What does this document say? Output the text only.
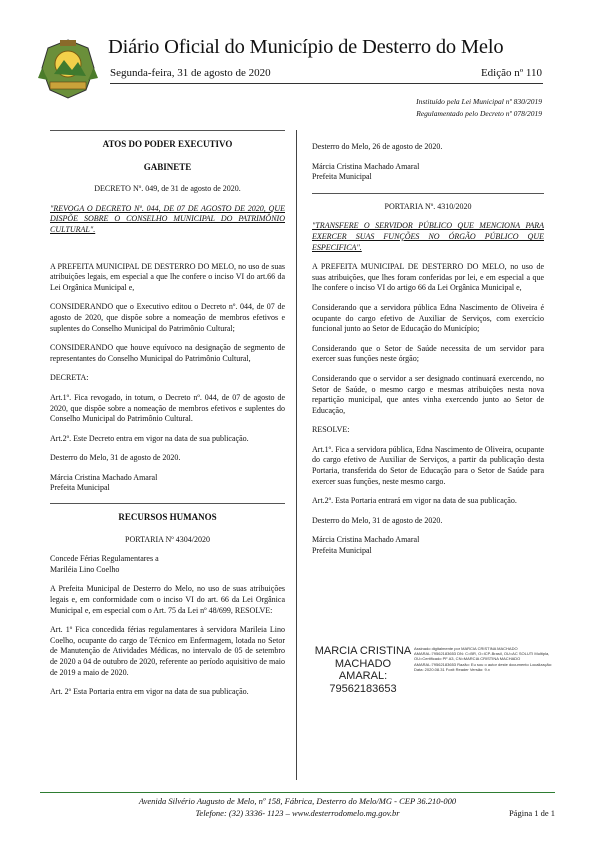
Diário Oficial do Município de Desterro do Melo
Segunda-feira, 31 de agosto de 2020	Edição nº 110
Instituído pela Lei Municipal nº 830/2019
Regulamentado pelo Decreto nº 078/2019
ATOS DO PODER EXECUTIVO
GABINETE

DECRETO Nº. 049, de 31 de agosto de 2020.

"REVOGA O DECRETO Nº. 044, DE 07 DE AGOSTO DE 2020, QUE DISPÕE SOBRE O CONSELHO MUNICIPAL DO PATRIMÔNIO CULTURAL".

A PREFEITA MUNICIPAL DE DESTERRO DO MELO, no uso de suas atribuições legais, em especial a que lhe confere o inciso VI do art.66 da Lei Orgânica Municipal e,

CONSIDERANDO que o Executivo editou o Decreto nº. 044, de 07 de agosto de 2020, que dispõe sobre a nomeação de membros efetivos e suplentes do Conselho Municipal do Patrimônio Cultural;

CONSIDERANDO que houve equívoco na designação de segmento de representantes do Conselho Municipal do Patrimônio Cultural,

DECRETA:

Art.1º. Fica revogado, in totum, o Decreto nº. 044, de 07 de agosto de 2020, que dispõe sobre a nomeação de membros efetivos e suplentes do Conselho Municipal do Patrimônio Cultural.

Art.2º. Este Decreto entra em vigor na data de sua publicação.

Desterro do Melo, 31 de agosto de 2020.

Márcia Cristina Machado Amaral

Prefeita Municipal

RECURSOS HUMANOS

PORTARIA Nº 4304/2020

Concede Férias Regulamentares a

Mariléia Lino Coelho

A Prefeita Municipal de Desterro do Melo, no uso de suas atribuições legais e, em conformidade com o inciso VI do art. 66 da Lei Orgânica Municipal e, em especial com o Art. 75 da Lei nº 48/699, RESOLVE:

Art. 1º Fica concedida férias regulamentares à servidora Marileia Lino Coelho, ocupante do cargo de Técnico em Enfermagem, lotada no Setor de Manutenção de Atividades Médicas, no intervalo de 05 de setembro de 2020 a 04 de outubro de 2020, referente ao período aquisitivo de maio de 2019 a maio de 2020.

Art. 2º Esta Portaria entra em vigor na data de sua publicação.

Desterro do Melo, 26 de agosto de 2020.
Márcia Cristina Machado Amaral

Prefeita Municipal

PORTARIA Nº. 4310/2020

"TRANSFERE O SERVIDOR PÚBLICO QUE MENCIONA PARA EXERCER SUAS FUNÇÕES NO ÓRGÃO PÚBLICO QUE ESPECIFICA".

A PREFEITA MUNICIPAL DE DESTERRO DO MELO, no uso de suas atribuições, que lhes foram conferidas por lei, e em especial a que lhe confere o inciso VI do artigo 66 da Lei Orgânica Municipal e,

Considerando que a servidora pública Edna Nascimento de Oliveira é ocupante do cargo efetivo de Auxiliar de Serviços, com exercício funcional junto ao Setor de Educação do Município;

Considerando que o Setor de Saúde necessita de um servidor para exercer suas funções neste órgão;

Considerando que o servidor a ser designado continuará exercendo, no Setor de Saúde, o mesmo cargo e mesmas atribuições nesta nova repartição municipal, que antes vinha exercendo junto ao Setor de Educação,

RESOLVE:

Art.1º. Fica a servidora pública, Edna Nascimento de Oliveira, ocupante do cargo efetivo de Auxiliar de Serviços, a partir da publicação desta Portaria, transferida do Setor de Educação para o Setor de Saúde para exercer suas funções, neste mesmo cargo.

Art.2º. Esta Portaria entrará em vigor na data de sua publicação.

Desterro do Melo, 31 de agosto de 2020.

Márcia Cristina Machado Amaral
Prefeita Municipal
MARCIA CRISTINA MACHADO AMARAL:
79562183653
Assinado digitalmente por MARCIA CRISTINA MACHADO AMARAL:79562183653 DN: C=BR, O=ICP-Brasil, OU=AC SOLUTI Multipla, OU=Certificado PF A3, CN=MARCIA CRISTINA MACHADO AMARAL:79562183653 Razão: Eu sou o autor deste documento Localização: Data: 2020.08.31 Foxit Reader Versão: 9.x
Avenida Silvério Augusto de Melo, nº 158, Fábrica, Desterro do Melo/MG - CEP 36.210-000
Telefone: (32) 3336- 1123 – www.desterrodomelo.mg.gov.br	Página 1 de 1
